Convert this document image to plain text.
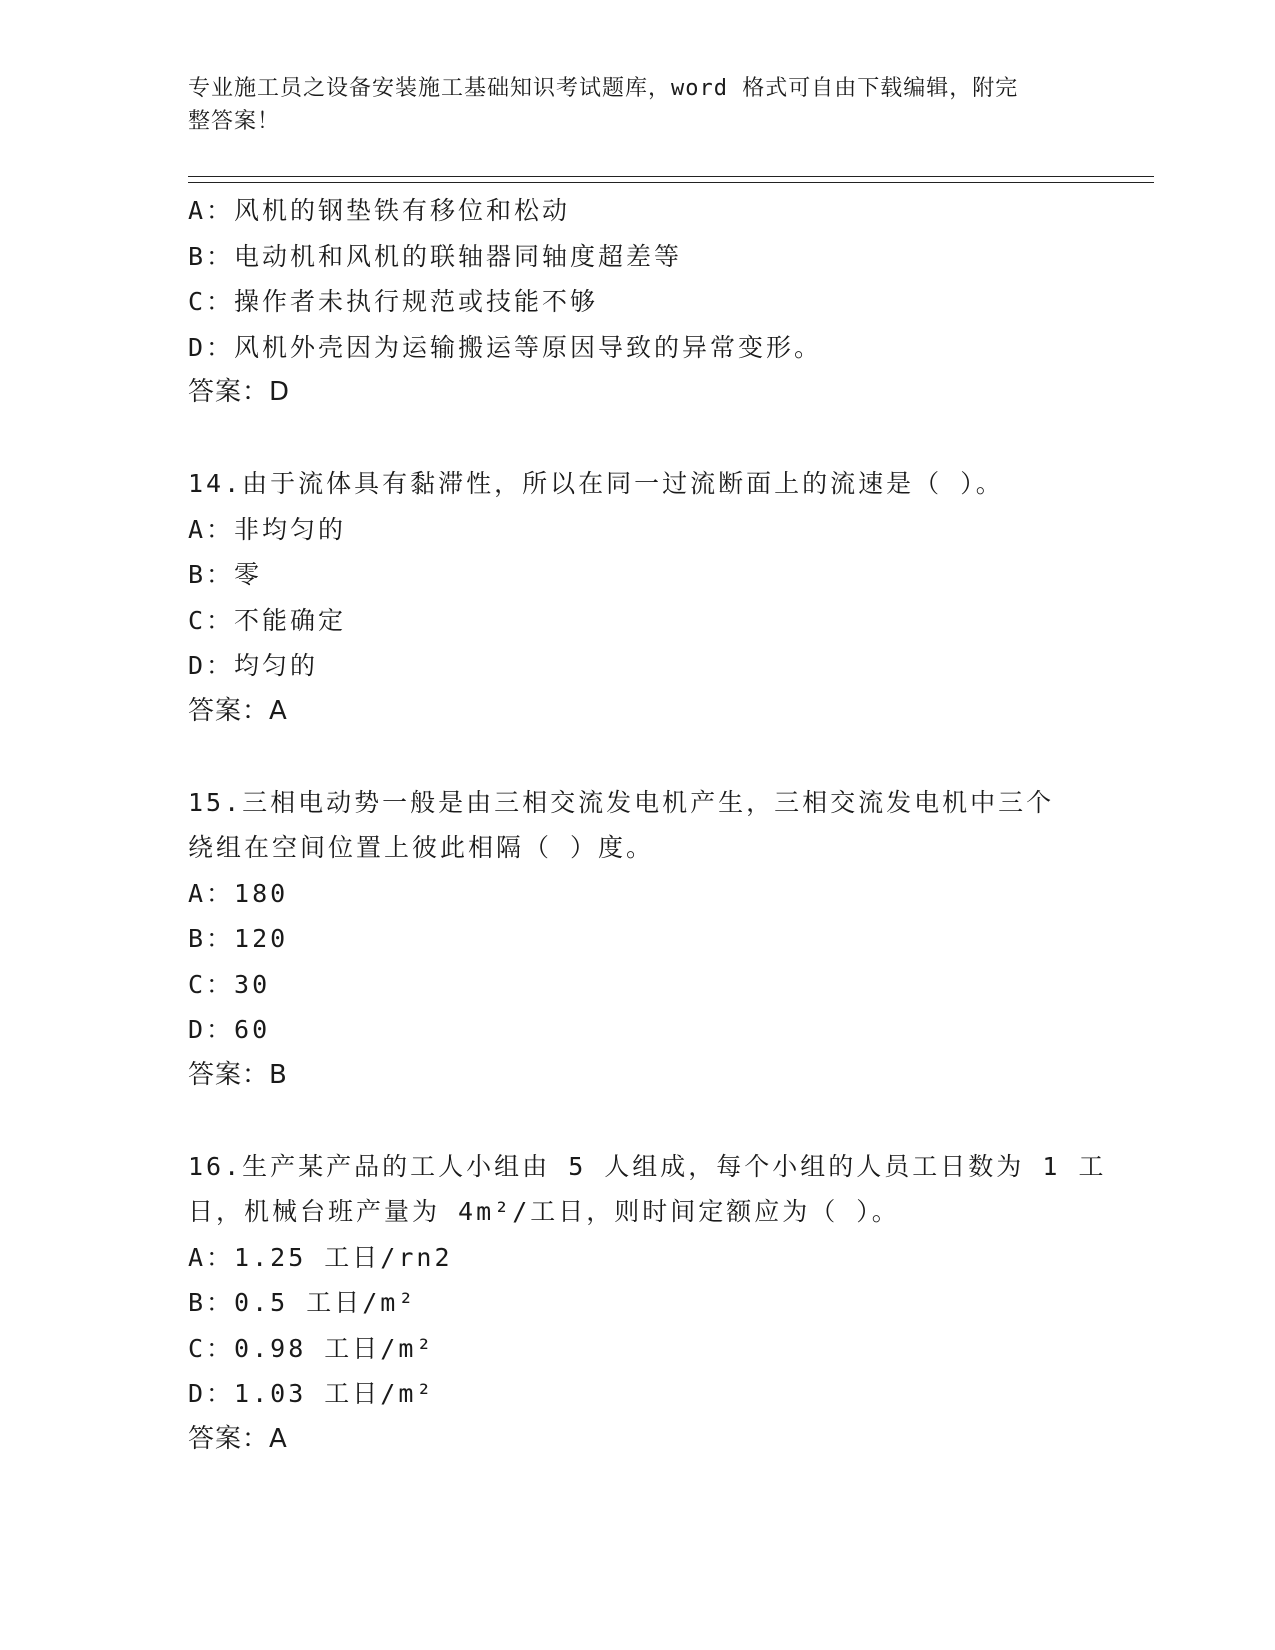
专业施工员之设备安装施工基础知识考试题库，word 格式可自由下载编辑，附完
整答案！
A：风机的钢垫铁有移位和松动
B：电动机和风机的联轴器同轴度超差等
C：操作者未执行规范或技能不够
D：风机外壳因为运输搬运等原因导致的异常变形。
答案：D
14.由于流体具有黏滞性，所以在同一过流断面上的流速是（ ）。
A：非均匀的
B：零
C：不能确定
D：均匀的
答案：A
15.三相电动势一般是由三相交流发电机产生，三相交流发电机中三个
绕组在空间位置上彼此相隔（ ）度。
A：180
B：120
C：30
D：60
答案：B
16.生产某产品的工人小组由 5 人组成，每个小组的人员工日数为 1 工
日，机械台班产量为 4m²/工日，则时间定额应为（ ）。
A：1.25 工日/rn2
B：0.5 工日/m²
C：0.98 工日/m²
D：1.03 工日/m²
答案：A
